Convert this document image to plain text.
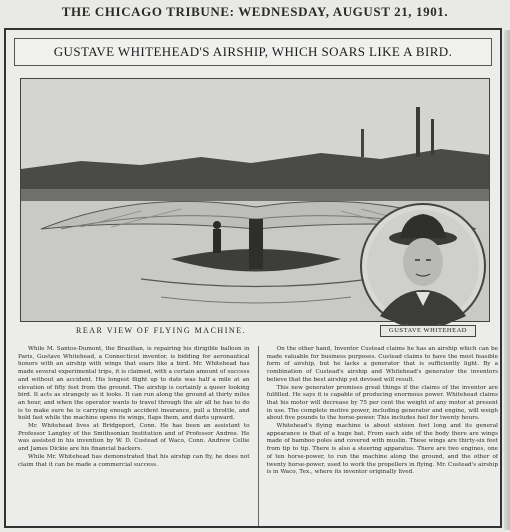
THE CHICAGO TRIBUNE: WEDNESDAY, AUGUST 21, 1901.
GUSTAVE WHITEHEAD'S AIRSHIP, WHICH SOARS LIKE A BIRD.
REAR VIEW OF FLYING MACHINE.	GUSTAVE WHITEHEAD

While M. Santos-Dumont, the Brazilian, is repairing his dirigible balloon in Paris, Gustave Whitehead, a Connecticut inventor, is bidding for aeronautical honors with an airship with wings that soars like a bird. Mr. Whitehead has made several experimental trips, it is claimed, with a certain amount of success and without an accident. His longest flight up to date was half a mile at an elevation of fifty feet from the ground. The airship is certainly a queer looking bird. It acts as strangely as it looks. It can run along the ground at thirty miles an hour, and when the operator wants to travel through the air all he has to do is to make sure he is carrying enough accident insurance, pull a throttle, and hold fast while the machine opens its wings, flaps them, and darts upward.

Mr. Whitehead lives at Bridgeport, Conn. He has been an assistant to Professor Langley of the Smithsonian Institution and of Professor Andree. He was assisted in his invention by W. D. Custead of Waco, Conn. Andrew Cellie and James Dickie are his financial backers.

While Mr. Whitehead has demonstrated that his airship can fly, he does not claim that it can be made a commercial success.

On the other hand, Inventor Custead claims he has an airship which can be made valuable for business purposes. Custead claims to have the most feasible form of airship, but he lacks a generator that is sufficiently light. By a combination of Custead's airship and Whitehead's generator the inventors believe that the best airship yet devised will result.

This new generator promises great things if the claims of the inventor are fulfilled. He says it is capable of producing enormous power. Whitehead claims that his motor will decrease by 75 per cent the weight of any motor at present in use. The complete motive power, including generator and engine, will weigh about five pounds to the horse-power. This includes fuel for twenty hours.

Whitehead's flying machine is about sixteen feet long and its general appearance is that of a huge bat. From each side of the body there are wings made of bamboo poles and covered with muslin. These wings are thirty-six feet from tip to tip. There is also a steering apparatus. There are two engines, one of ten horse-power, to run the machine along the ground, and the other of twenty horse-power, used to work the propellers in flying. Mr. Custead's airship is in Waco, Tex., where its inventor originally lived.
